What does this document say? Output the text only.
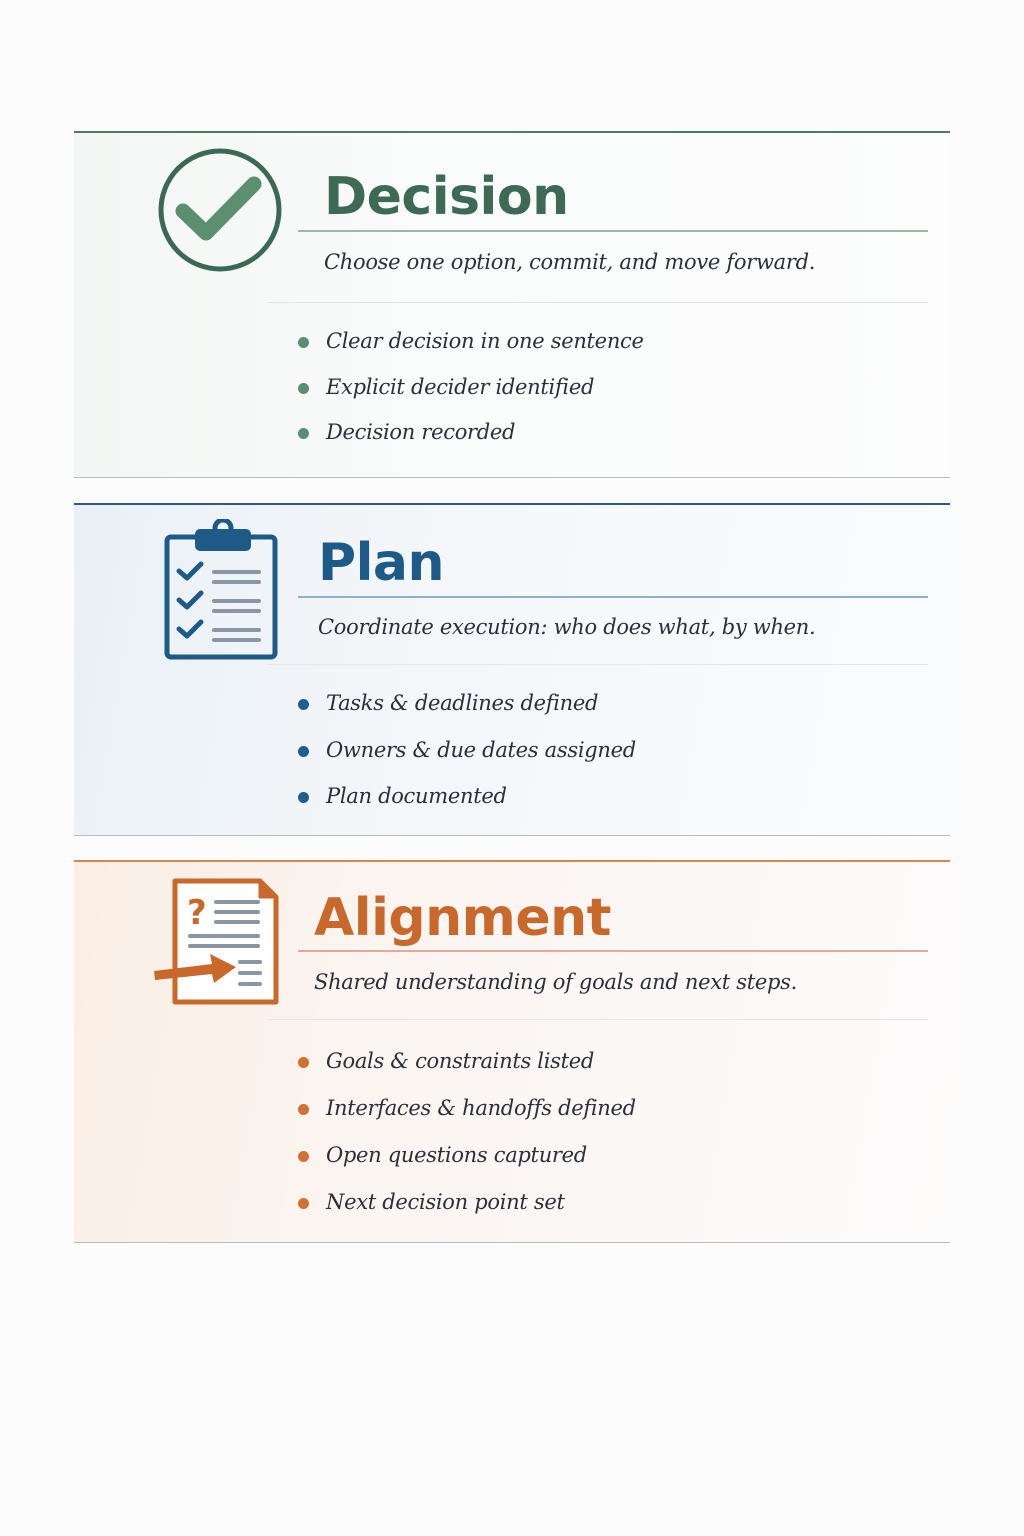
Decision

Choose one option, commit, and move forward.

Clear decision in one sentence
Explicit decider identified
Decision recorded
Plan

Coordinate execution: who does what, by when.

Tasks & deadlines defined
Owners & due dates assigned
Plan documented
? Alignment

Shared understanding of goals and next steps.

Goals & constraints listed
Interfaces & handoffs defined
Open questions captured
Next decision point set
